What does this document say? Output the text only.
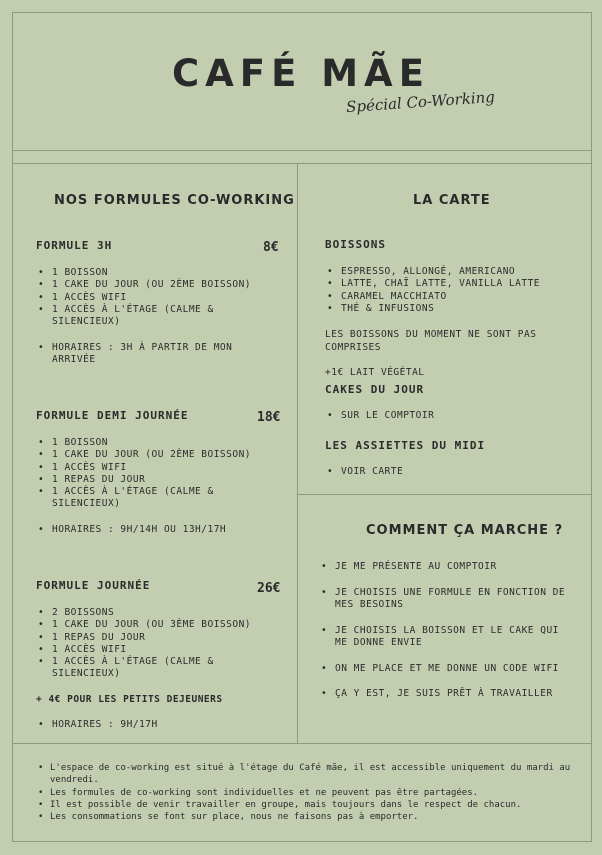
CAFÉ MÃE
Spécial Co-Working
NOS FORMULES CO-WORKING
FORMULE 3H	8€
• 1 BOISSON
• 1 CAKE DU JOUR (OU 2ÈME BOISSON)
• 1 ACCÈS WIFI
• 1 ACCÈS À L'ÉTAGE (CALME & SILENCIEUX)
• HORAIRES : 3H À PARTIR DE MON ARRIVÉE
FORMULE DEMI JOURNÉE	18€
• 1 BOISSON
• 1 CAKE DU JOUR (OU 2ÈME BOISSON)
• 1 ACCÈS WIFI
• 1 REPAS DU JOUR
• 1 ACCÈS À L'ÉTAGE (CALME & SILENCIEUX)
• HORAIRES : 9H/14H OU 13H/17H
FORMULE JOURNÉE	26€
• 2 BOISSONS
• 1 CAKE DU JOUR (OU 3ÈME BOISSON)
• 1 REPAS DU JOUR
• 1 ACCÈS WIFI
• 1 ACCÈS À L'ÉTAGE (CALME & SILENCIEUX)
+ 4€ POUR LES PETITS DEJEUNERS
• HORAIRES : 9H/17H
LA CARTE
BOISSONS
• ESPRESSO, ALLONGÉ, AMERICANO
• LATTE, CHAÏ LATTE, VANILLA LATTE
• CARAMEL MACCHIATO
• THÉ & INFUSIONS
LES BOISSONS DU MOMENT NE SONT PAS COMPRISES
+1€ LAIT VÉGÉTAL
CAKES DU JOUR
• SUR LE COMPTOIR
LES ASSIETTES DU MIDI
• VOIR CARTE
COMMENT ÇA MARCHE ?
• JE ME PRÉSENTE AU COMPTOIR
• JE CHOISIS UNE FORMULE EN FONCTION DE MES BESOINS
• JE CHOISIS LA BOISSON ET LE CAKE QUI ME DONNE ENVIE
• ON ME PLACE ET ME DONNE UN CODE WIFI
• ÇA Y EST, JE SUIS PRÊT À TRAVAILLER
• L'espace de co-working est situé à l'étage du Café mãe, il est accessible uniquement du mardi au vendredi.
• Les formules de co-working sont individuelles et ne peuvent pas être partagées.
• Il est possible de venir travailler en groupe, mais toujours dans le respect de chacun.
• Les consommations se font sur place, nous ne faisons pas à emporter.
